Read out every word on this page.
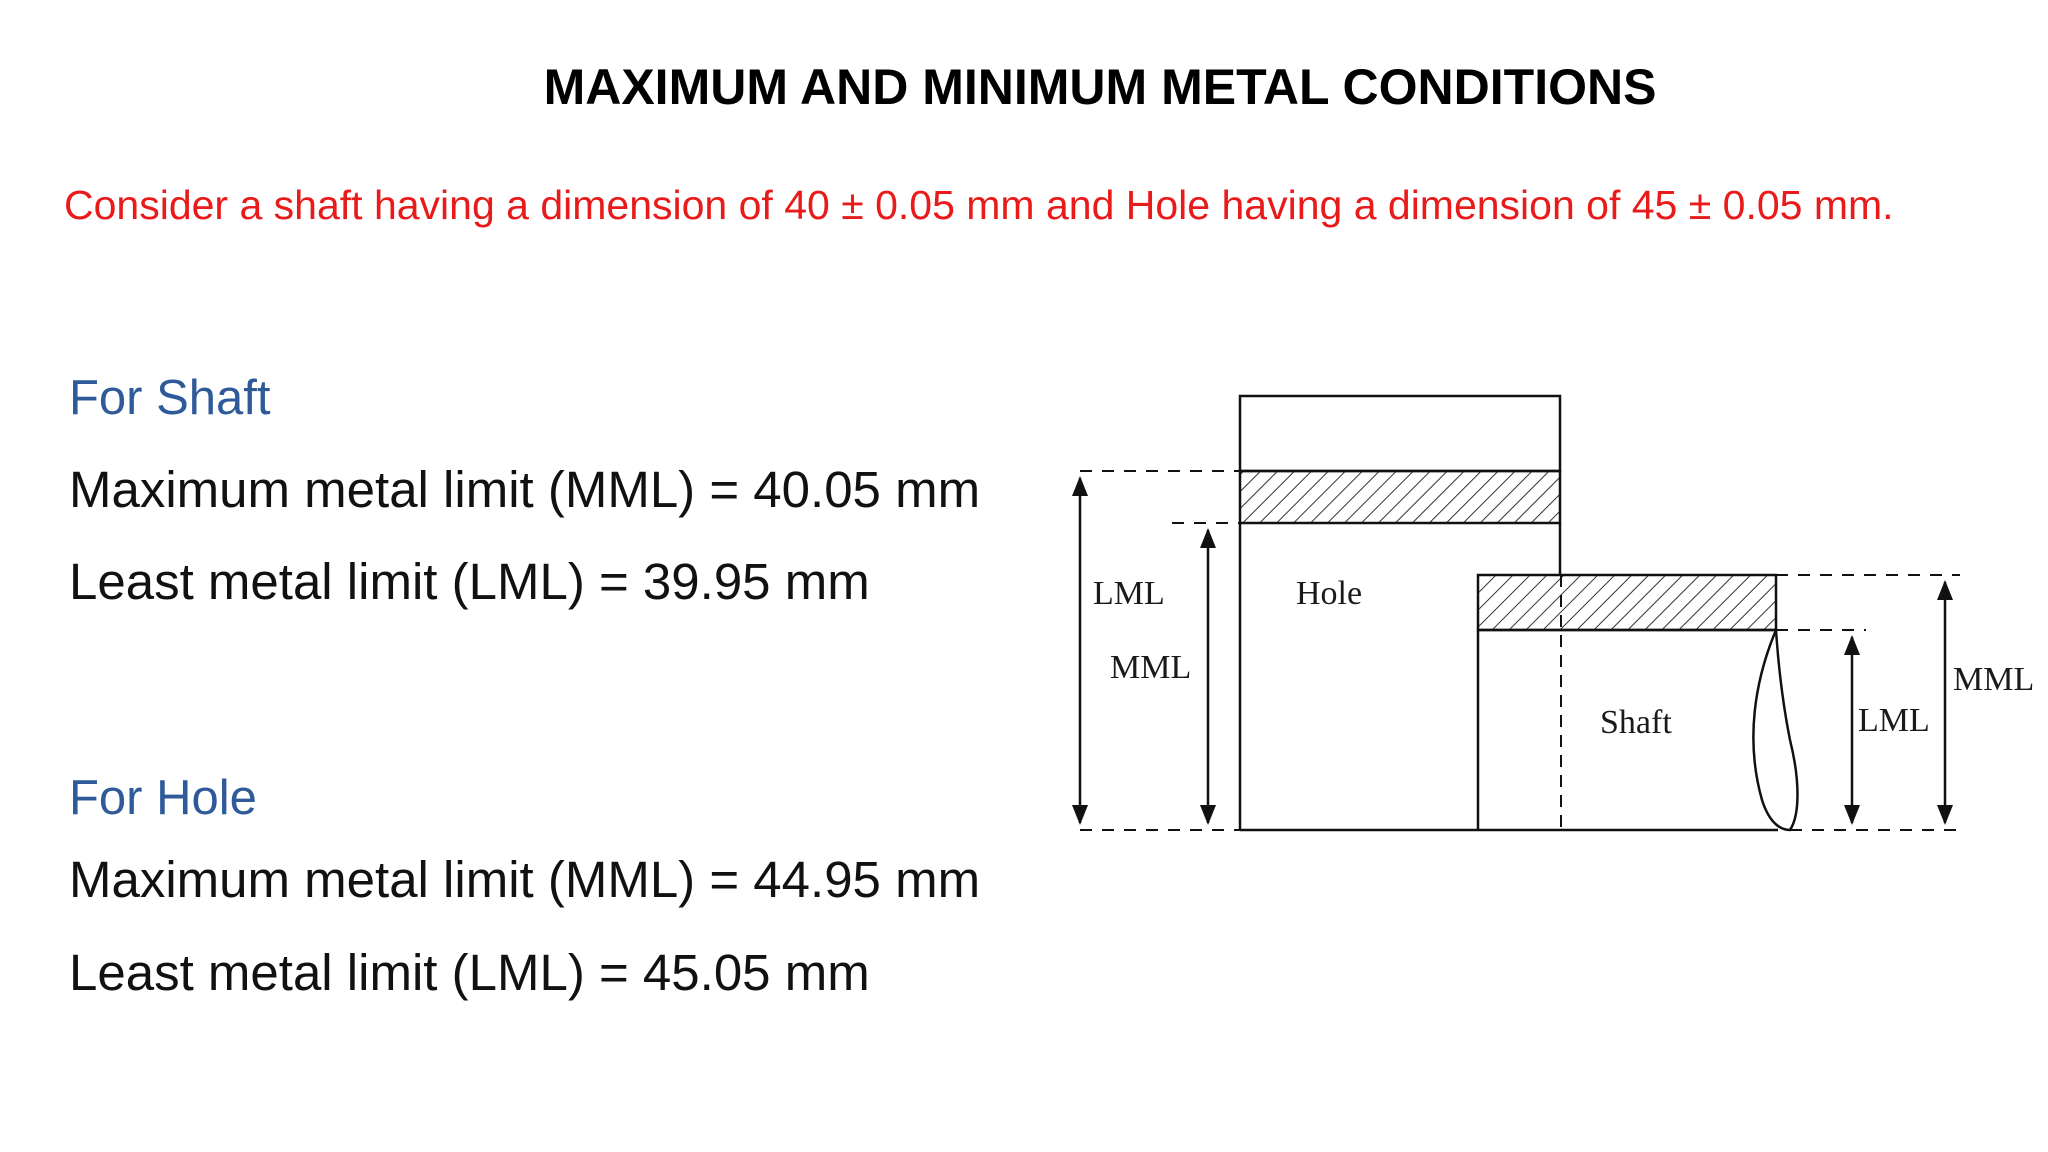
MAXIMUM AND MINIMUM METAL CONDITIONS
Consider a shaft having a dimension of 40 ± 0.05 mm and Hole having a dimension of 45 ± 0.05 mm.
For Shaft
Maximum metal limit (MML) = 40.05 mm
Least metal limit (LML) = 39.95 mm
For Hole
Maximum metal limit (MML) = 44.95 mm
Least metal limit (LML) = 45.05 mm
LML
MML
Hole
Shaft	LML
MML
